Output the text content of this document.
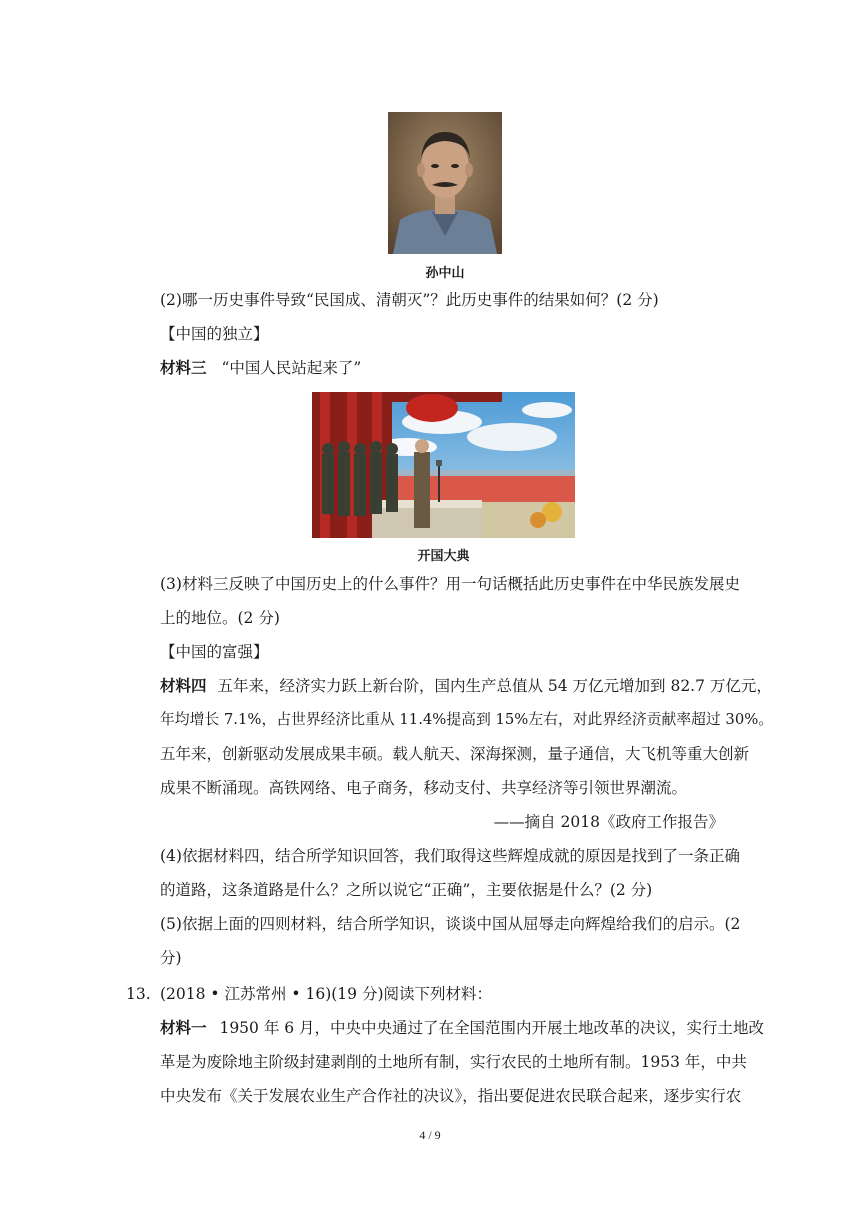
孙中山
(2)哪一历史事件导致“民国成、清朝灭”？此历史事件的结果如何？(2 分)
【中国的独立】
材料三 “中国人民站起来了”
开国大典
(3)材料三反映了中国历史上的什么事件？用一句话概括此历史事件在中华民族发展史
上的地位。(2 分)
【中国的富强】
材料四 五年来，经济实力跃上新台阶，国内生产总值从 54 万亿元增加到 82.7 万亿元，
年均增长 7.1%，占世界经济比重从 11.4%提高到 15%左右，对此界经济贡献率超过 30%。
五年来，创新驱动发展成果丰硕。载人航天、深海探测，量子通信，大飞机等重大创新
成果不断涌现。高铁网络、电子商务，移动支付、共享经济等引领世界潮流。
——摘自 2018《政府工作报告》
(4)依据材料四，结合所学知识回答，我们取得这些辉煌成就的原因是找到了一条正确
的道路，这条道路是什么？之所以说它“正确”，主要依据是什么？(2 分)
(5)依据上面的四则材料，结合所学知识，谈谈中国从屈辱走向辉煌给我们的启示。(2
分)
13. (2018 • 江苏常州 • 16)(19 分)阅读下列材料：
材料一 1950 年 6 月，中央中央通过了在全国范围内开展土地改革的决议，实行土地改
革是为废除地主阶级封建剥削的土地所有制，实行农民的土地所有制。1953 年，中共
中央发布《关于发展农业生产合作社的决议》，指出要促进农民联合起来，逐步实行农
4 / 9
